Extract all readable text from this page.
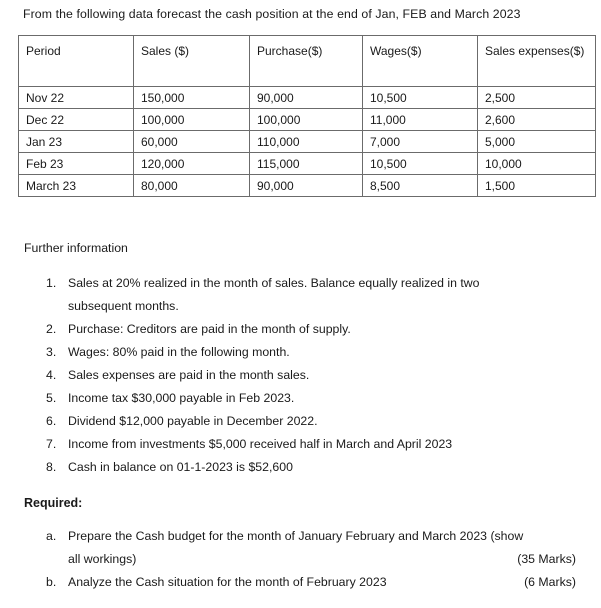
From the following data forecast the cash position at the end of Jan, FEB and March 2023
Period	Sales ($)	Purchase($)	Wages($)	Sales expenses($)
Nov 22	150,000	90,000	10,500	2,500
Dec 22	100,000	100,000	11,000	2,600
Jan 23	60,000	110,000	7,000	5,000
Feb 23	120,000	115,000	10,500	10,000
March 23	80,000	90,000	8,500	1,500
Further information
1. Sales at 20% realized in the month of sales. Balance equally realized in two
subsequent months.
2. Purchase: Creditors are paid in the month of supply.
3. Wages: 80% paid in the following month.
4. Sales expenses are paid in the month sales.
5. Income tax $30,000 payable in Feb 2023.
6. Dividend $12,000 payable in December 2022.
7. Income from investments $5,000 received half in March and April 2023
8. Cash in balance on 01-1-2023 is $52,600
Required:
a. Prepare the Cash budget for the month of January February and March 2023 (show
all workings)	(35 Marks)
b. Analyze the Cash situation for the month of February 2023	(6 Marks)
